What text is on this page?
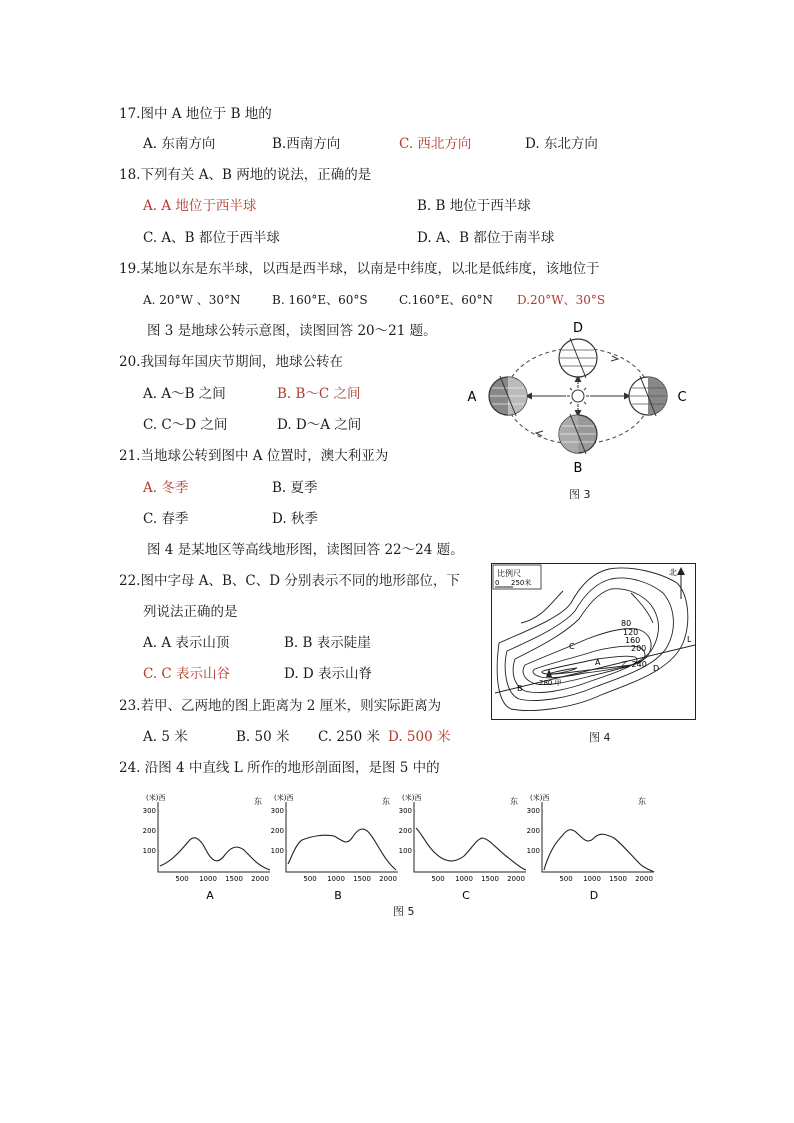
17.图中 A 地位于 B 地的
A. 东南方向	B.西南方向	C. 西北方向	D. 东北方向
18.下列有关 A、B 两地的说法，正确的是
A. A 地位于西半球	B. B 地位于西半球
C. A、B 都位于西半球	D. A、B 都位于南半球
19.某地以东是东半球，以西是西半球，以南是中纬度，以北是低纬度，该地位于
A. 20°W 、30°N	B. 160°E、60°S	C.160°E、60°N D.20°W、30°S
图 3 是地球公转示意图，读图回答 20～21 题。
20.我国每年国庆节期间，地球公转在
A. A～B 之间	B. B～C 之间
C. C～D 之间	D. D～A 之间
21.当地球公转到图中 A 位置时，澳大利亚为
A. 冬季	B. 夏季
C. 春季	D. 秋季
D
B
A	C
图 3
图 4 是某地区等高线地形图，读图回答 22～24 题。
22.图中字母 A、B、C、D 分别表示不同的地形部位，下
列说法正确的是
A. A 表示山顶	B. B 表示陡崖
C. C 表示山谷	D. D 表示山脊
23.若甲、乙两地的图上距离为 2 厘米，则实际距离为
A. 5 米	B. 50 米 C. 250 米 D. 500 米
24. 沿图 4 中直线 L 所作的地形剖面图，是图 5 中的
比例尺
0 250米
北
L
80
120
160
200
乙 240
280 甲
A
B
C
D
图 4
(米)西	东
300
200
100
500 1000 1500 2000
A
(米)西	东
300
200
100
500 1000 1500 2000
B
(米)西	东
300
200
100
500 1000 1500 2000
C
(米)西	东
300
200
100
500 1000 1500 2000
D
图 5
